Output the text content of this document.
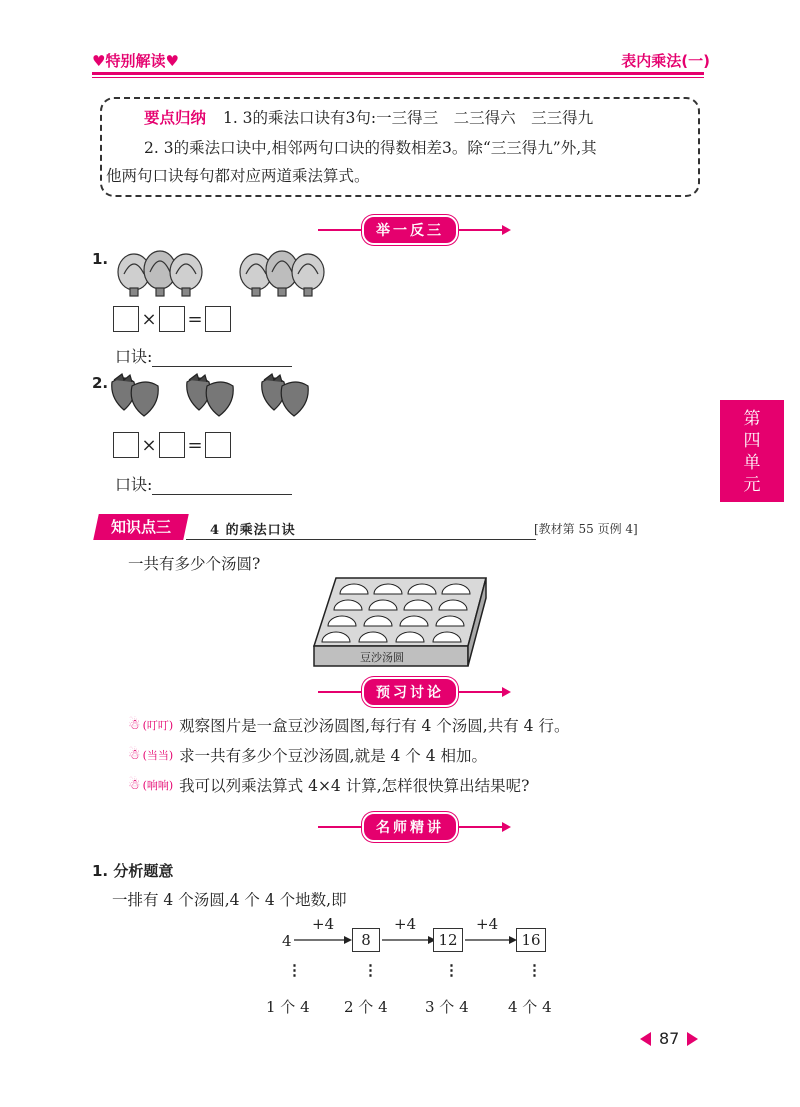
♥特别解读♥	表内乘法(一)
要点归纳 1. 3的乘法口诀有3句:一三得三　二三得六　三三得九
2. 3的乘法口诀中,相邻两句口诀的得数相差3。除“三三得九”外,其
他两句口诀每句都对应两道乘法算式。
举一反三
1.
× =
口诀:
2.
× =
口诀:
第
四
单
元
知识点三	4 的乘法口诀	[教材第 55 页例 4]
一共有多少个汤圆?
豆沙汤圆
预习讨论
☃ (叮叮) 观察图片是一盒豆沙汤圆图,每行有 4 个汤圆,共有 4 行。
☃ (当当) 求一共有多少个豆沙汤圆,就是 4 个 4 相加。
☃ (响响) 我可以列乘法算式 4×4 计算,怎样很快算出结果呢?
名师精讲
1. 分析题意
一排有 4 个汤圆,4 个 4 个地数,即
4
+4
8
+4
12
+4
16
⋮	⋮	⋮	⋮
1 个 4 2 个 4 3 个 4	4 个 4
87
